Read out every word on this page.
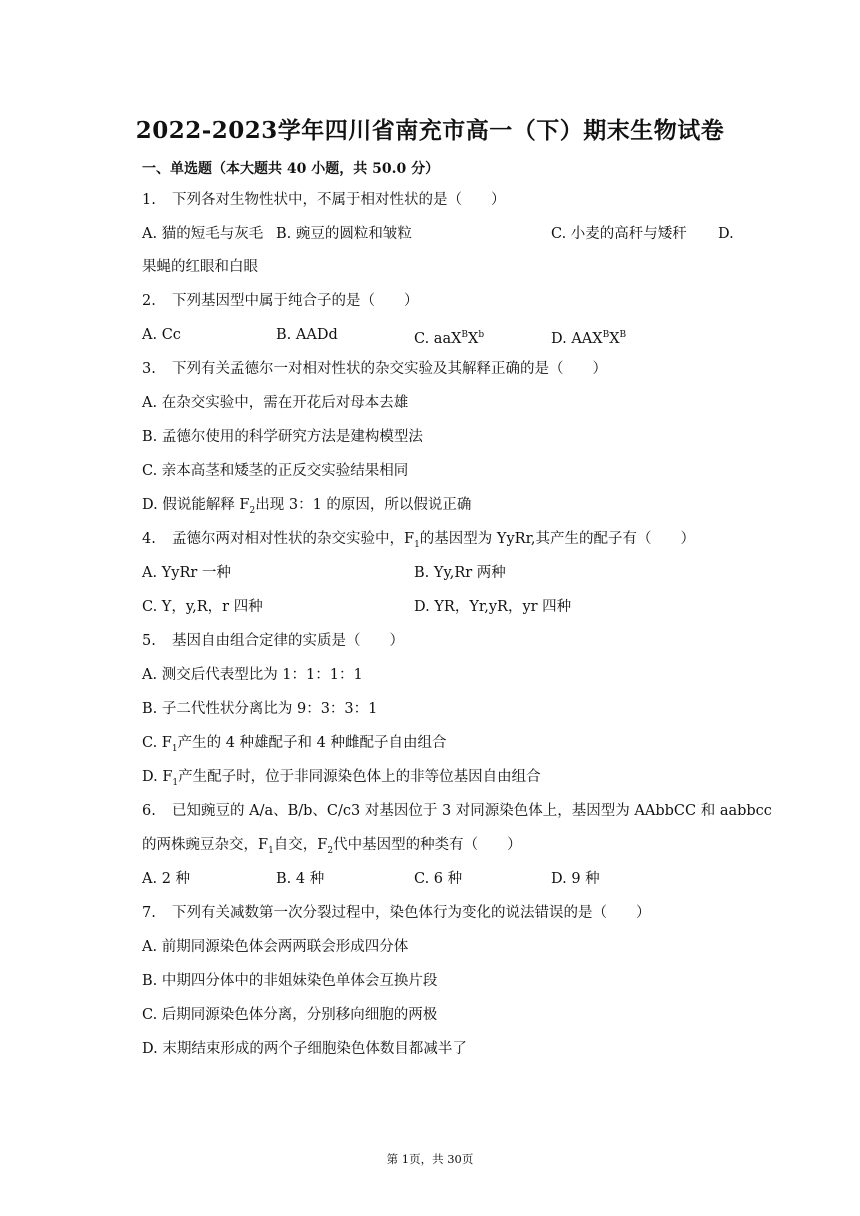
2022-2023学年四川省南充市高一（下）期末生物试卷
一、单选题（本大题共 40 小题，共 50.0 分）
1. 下列各对生物性状中，不属于相对性状的是（　　）
A. 猫的短毛与灰毛 B. 豌豆的圆粒和皱粒	C. 小麦的高秆与矮秆 D.
果蝇的红眼和白眼
2. 下列基因型中属于纯合子的是（　　）
A. Cc	B. AADd	C. $aaX^BX^b$	D. $AAX^BX^B$
3. 下列有关孟德尔一对相对性状的杂交实验及其解释正确的是（　　）
A. 在杂交实验中，需在开花后对母本去雄
B. 孟德尔使用的科学研究方法是建构模型法
C. 亲本高茎和矮茎的正反交实验结果相同
D. 假说能解释 $F_2$出现 3：1 的原因，所以假说正确
4. 孟德尔两对相对性状的杂交实验中，$F_1$的基因型为 YyRr,其产生的配子有（　　）
A. YyRr 一种	B. Yy,Rr 两种
C. Y，y,R，r 四种	D. YR，Yr,yR，yr 四种
5. 基因自由组合定律的实质是（　　）
A. 测交后代表型比为 1：1：1：1
B. 子二代性状分离比为 9：3：3：1
C. $F_1$产生的 4 种雄配子和 4 种雌配子自由组合
D. $F_1$产生配子时，位于非同源染色体上的非等位基因自由组合
6. 已知豌豆的 A/a、B/b、C/c3 对基因位于 3 对同源染色体上，基因型为 AAbbCC 和 aabbcc
的两株豌豆杂交，$F_1$自交，$F_2$代中基因型的种类有（　　）
A. 2 种	B. 4 种	C. 6 种	D. 9 种
7. 下列有关减数第一次分裂过程中，染色体行为变化的说法错误的是（　　）
A. 前期同源染色体会两两联会形成四分体
B. 中期四分体中的非姐妹染色单体会互换片段
C. 后期同源染色体分离，分别移向细胞的两极
D. 末期结束形成的两个子细胞染色体数目都减半了
第 1页，共 30页
